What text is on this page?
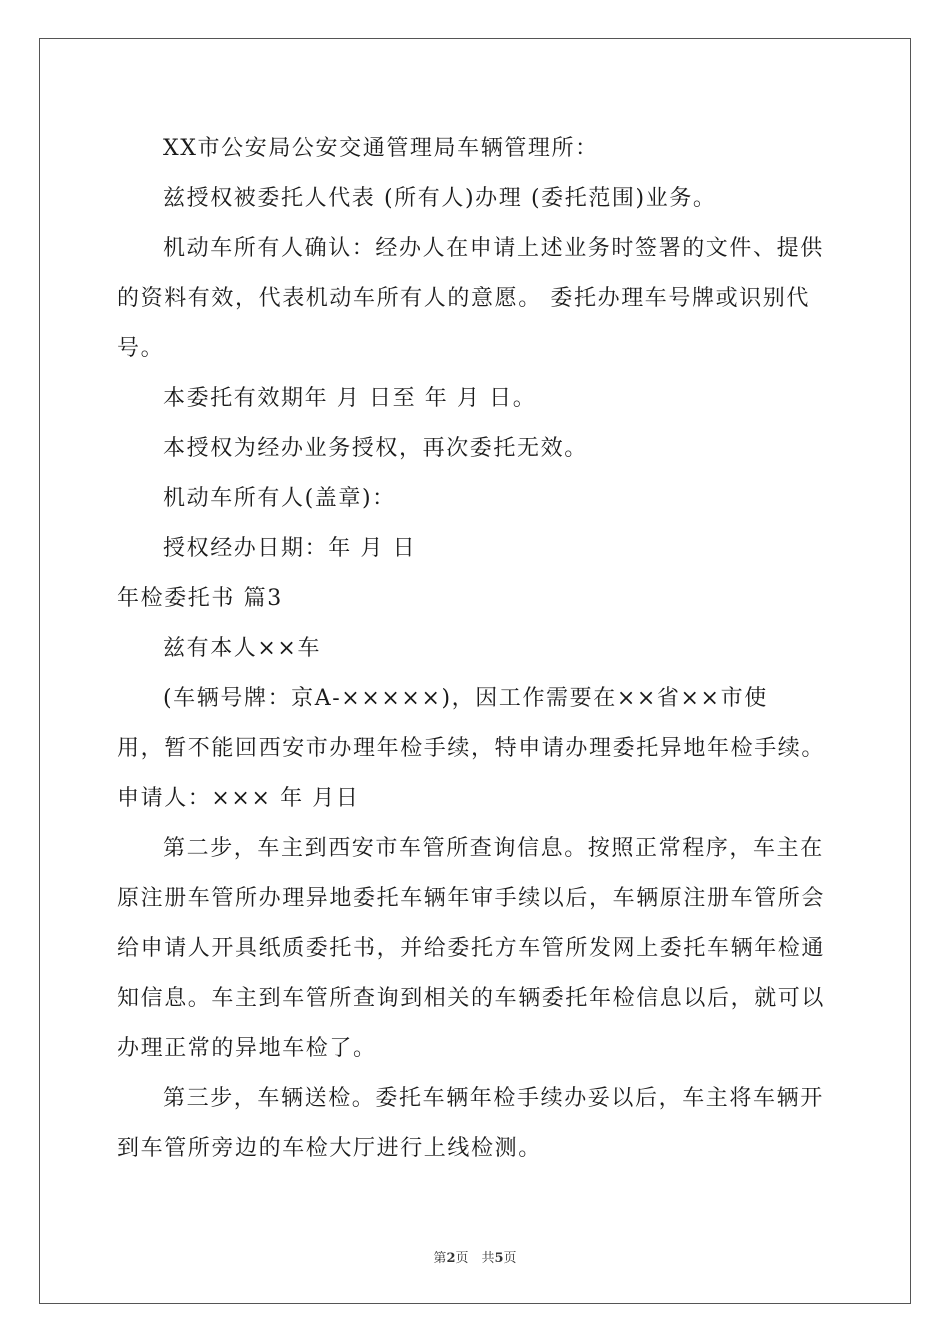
XX市公安局公安交通管理局车辆管理所：
兹授权被委托人代表 (所有人)办理 (委托范围)业务。
机动车所有人确认：经办人在申请上述业务时签署的文件、提供
的资料有效，代表机动车所有人的意愿。 委托办理车号牌或识别代
号。
本委托有效期年 月 日至 年 月 日。
本授权为经办业务授权，再次委托无效。
机动车所有人(盖章)：
授权经办日期：年 月 日
年检委托书 篇3
兹有本人××车
(车辆号牌：京A-×××××)，因工作需要在××省××市使
用，暂不能回西安市办理年检手续，特申请办理委托异地年检手续。
申请人：××× 年 月日
第二步，车主到西安市车管所查询信息。按照正常程序，车主在
原注册车管所办理异地委托车辆年审手续以后，车辆原注册车管所会
给申请人开具纸质委托书，并给委托方车管所发网上委托车辆年检通
知信息。车主到车管所查询到相关的车辆委托年检信息以后，就可以
办理正常的异地车检了。
第三步，车辆送检。委托车辆年检手续办妥以后，车主将车辆开
到车管所旁边的车检大厅进行上线检测。
第2页　共5页
